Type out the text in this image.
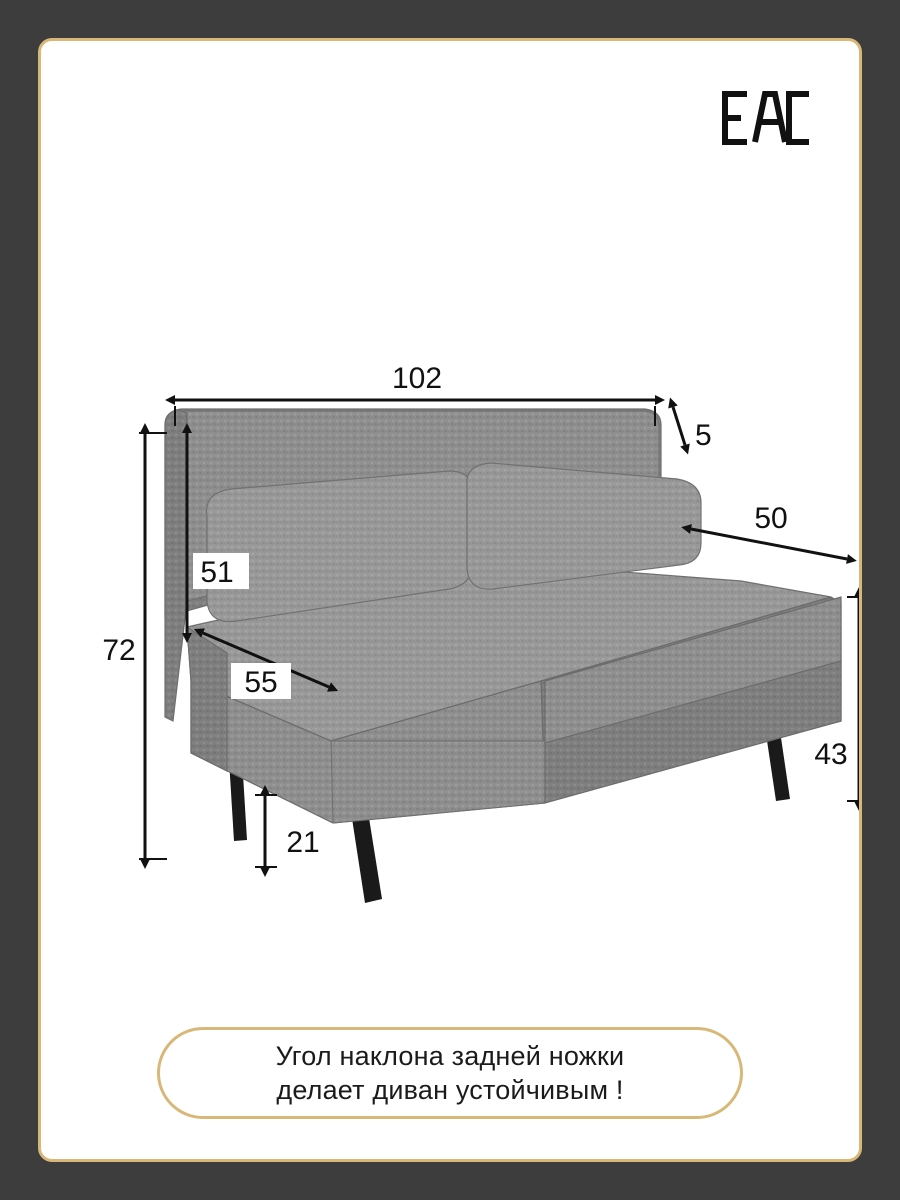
102
5
50
51
72
55
43
21
Угол наклона задней ножки
делает диван устойчивым !
